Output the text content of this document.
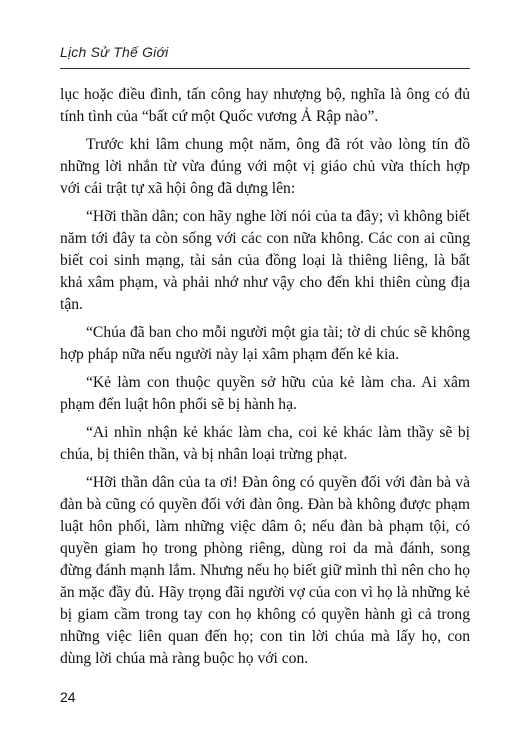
Lịch Sử Thế Giới

lục hoặc điều đình, tấn công hay nhượng bộ, nghĩa là ông có đủ tính tình của “bất cứ một Quốc vương Ả Rập nào”.

Trước khi lâm chung một năm, ông đã rót vào lòng tín đồ những lời nhắn từ vừa đúng với một vị giáo chủ vừa thích hợp với cái trật tự xã hội ông đã dựng lên:

“Hỡi thần dân; con hãy nghe lời nói của ta đây; vì không biết năm tới đây ta còn sống với các con nữa không. Các con ai cũng biết coi sinh mạng, tài sản của đồng loại là thiêng liêng, là bất khả xâm phạm, và phải nhớ như vậy cho đến khi thiên cùng địa tận.

“Chúa đã ban cho mỗi người một gia tài; tờ di chúc sẽ không hợp pháp nữa nếu người này lại xâm phạm đến kẻ kia.

“Kẻ làm con thuộc quyền sở hữu của kẻ làm cha. Ai xâm phạm đến luật hôn phối sẽ bị hành hạ.

“Ai nhìn nhận kẻ khác làm cha, coi kẻ khác làm thầy sẽ bị chúa, bị thiên thần, và bị nhân loại trừng phạt.

“Hỡi thần dân của ta ơi! Đàn ông có quyền đối với đàn bà và đàn bà cũng có quyền đối với đàn ông. Đàn bà không được phạm luật hôn phối, làm những việc dâm ô; nếu đàn bà phạm tội, có quyền giam họ trong phòng riêng, dùng roi da mà đánh, song đừng đánh mạnh lắm. Nhưng nếu họ biết giữ mình thì nên cho họ ăn mặc đầy đủ. Hãy trọng đãi người vợ của con vì họ là những kẻ bị giam cầm trong tay con họ không có quyền hành gì cả trong những việc liên quan đến họ; con tin lời chúa mà lấy họ, con dùng lời chúa mà ràng buộc họ với con.

24
